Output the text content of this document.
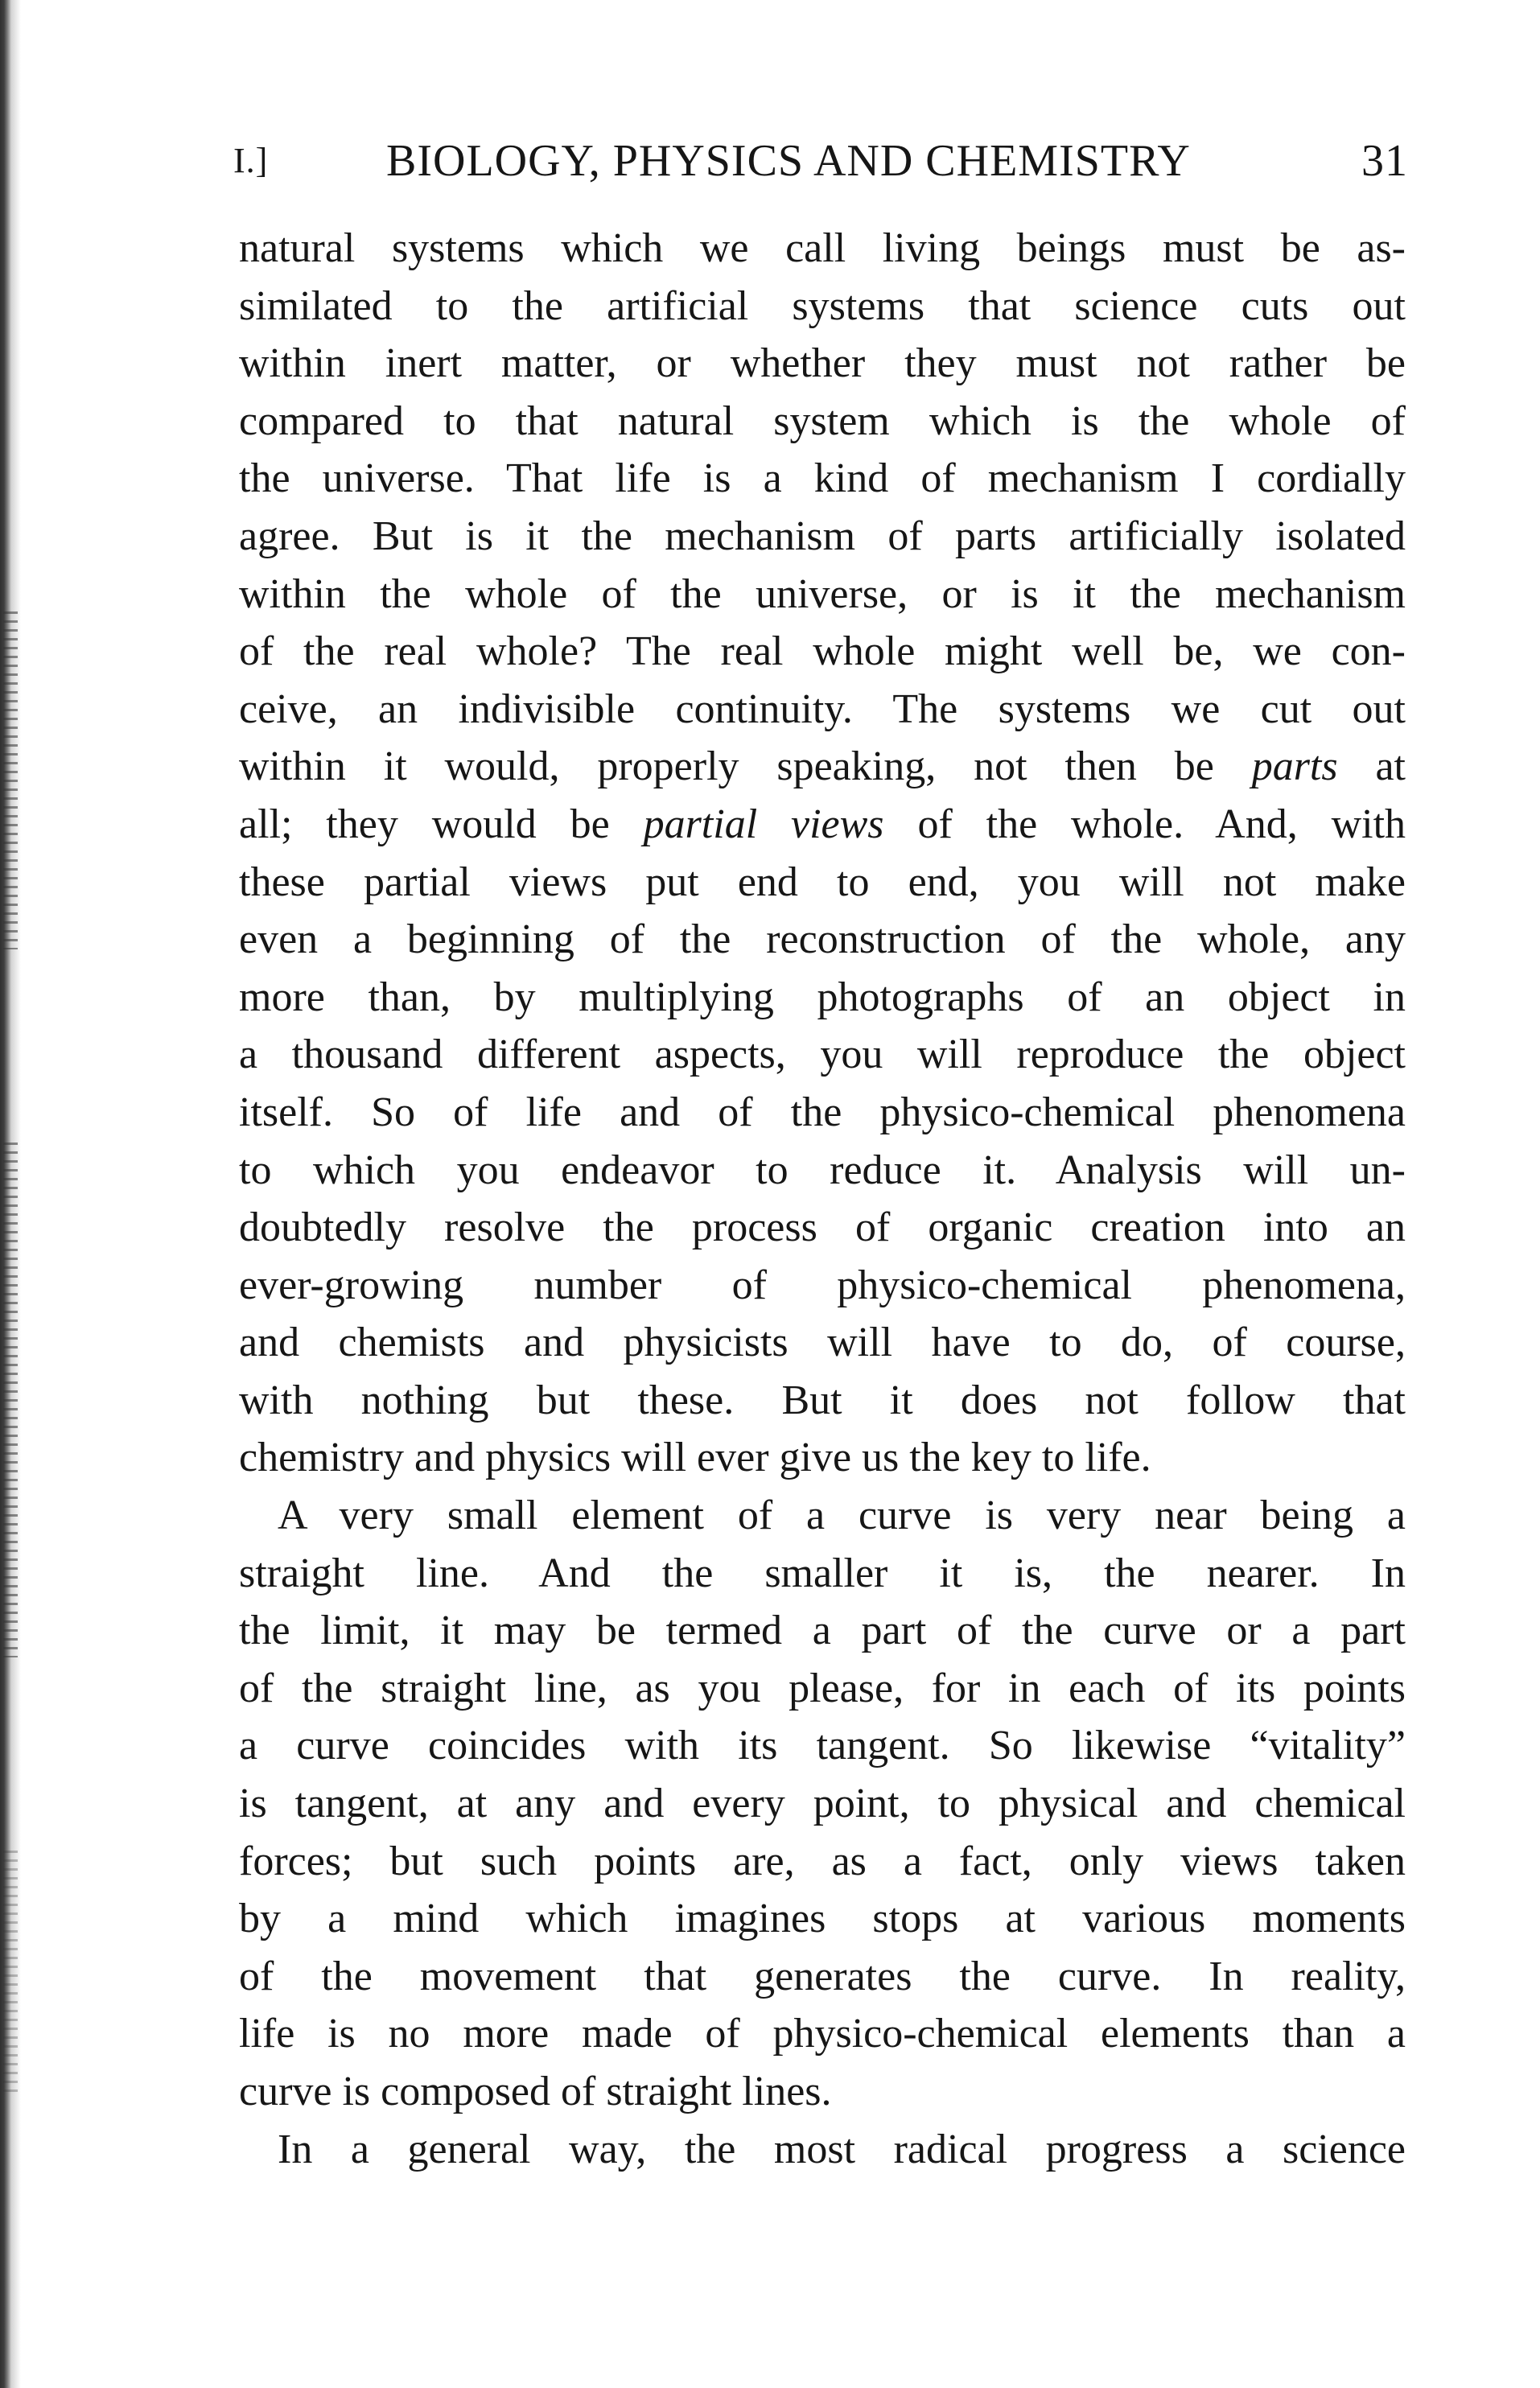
I.]	BIOLOGY, PHYSICS AND CHEMISTRY	31
natural systems which we call living beings must be as-
similated to the artificial systems that science cuts out
within inert matter, or whether they must not rather be
compared to that natural system which is the whole of
the universe. That life is a kind of mechanism I cordially
agree. But is it the mechanism of parts artificially isolated
within the whole of the universe, or is it the mechanism
of the real whole? The real whole might well be, we con-
ceive, an indivisible continuity. The systems we cut out
within it would, properly speaking, not then be parts at
all; they would be partial views of the whole. And, with
these partial views put end to end, you will not make
even a beginning of the reconstruction of the whole, any
more than, by multiplying photographs of an object in
a thousand different aspects, you will reproduce the object
itself. So of life and of the physico-chemical phenomena
to which you endeavor to reduce it. Analysis will un-
doubtedly resolve the process of organic creation into an
ever-growing number of physico-chemical phenomena,
and chemists and physicists will have to do, of course,
with nothing but these. But it does not follow that
chemistry and physics will ever give us the key to life.
A very small element of a curve is very near being a
straight line. And the smaller it is, the nearer. In
the limit, it may be termed a part of the curve or a part
of the straight line, as you please, for in each of its points
a curve coincides with its tangent. So likewise “vitality”
is tangent, at any and every point, to physical and chemical
forces; but such points are, as a fact, only views taken
by a mind which imagines stops at various moments
of the movement that generates the curve. In reality,
life is no more made of physico-chemical elements than a
curve is composed of straight lines.
In a general way, the most radical progress a science
